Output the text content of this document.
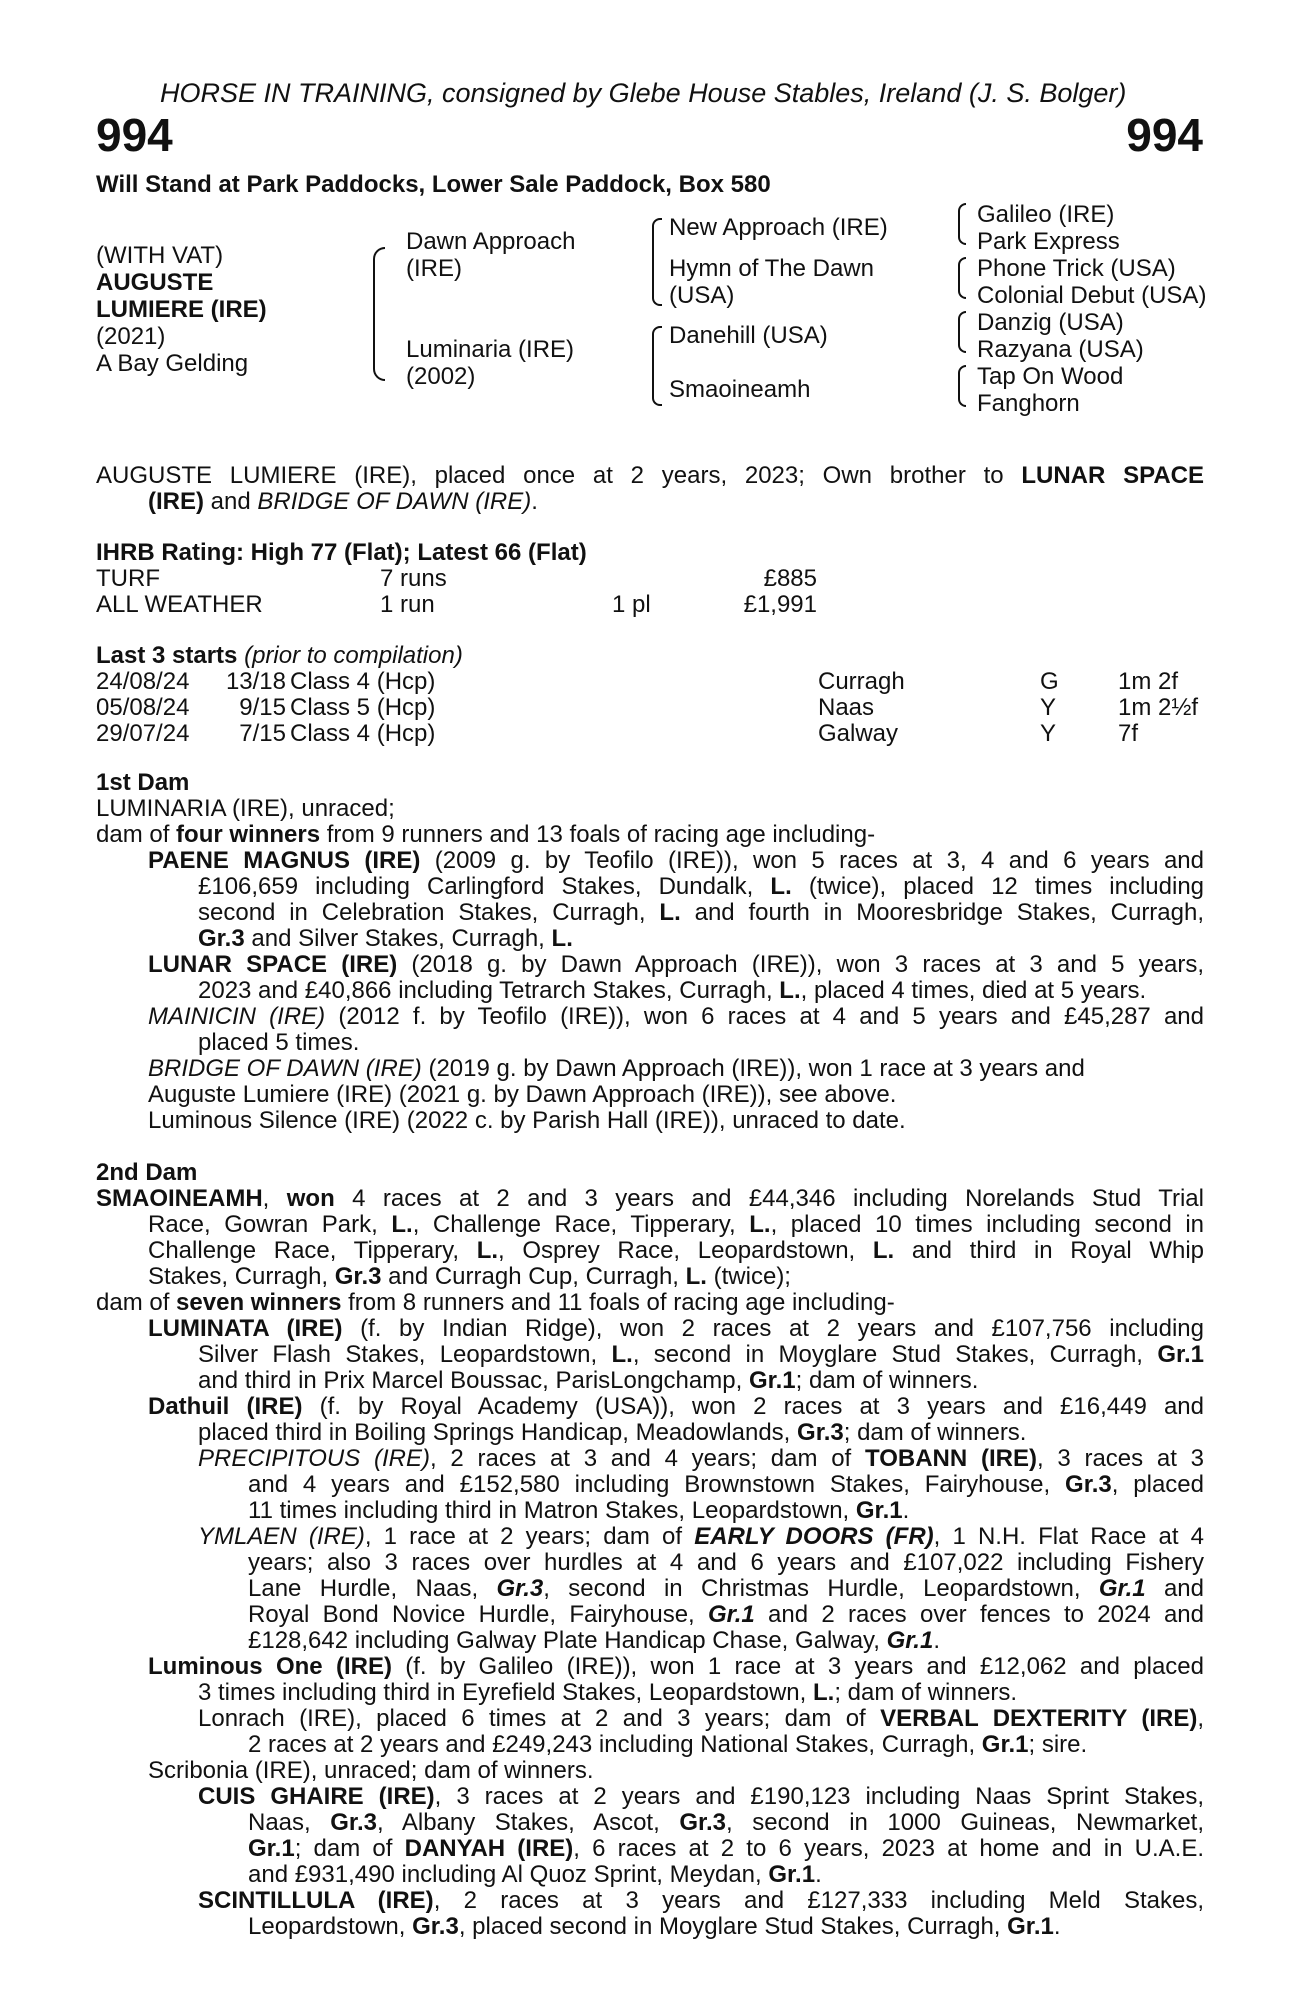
HORSE IN TRAINING, consigned by Glebe House Stables, Ireland (J. S. Bolger)
994	994
Will Stand at Park Paddocks, Lower Sale Paddock, Box 580
(WITH VAT)
AUGUSTE
LUMIERE (IRE)
(2021)
A Bay Gelding
Dawn Approach
(IRE)
Luminaria (IRE)
(2002)
New Approach (IRE)
Hymn of The Dawn
(USA)
Danehill (USA)
Smaoineamh
Galileo (IRE)
Park Express
Phone Trick (USA)
Colonial Debut (USA)
Danzig (USA)
Razyana (USA)
Tap On Wood
Fanghorn
AUGUSTE LUMIERE (IRE), placed once at 2 years, 2023; Own brother to LUNAR SPACE
(IRE) and BRIDGE OF DAWN (IRE).
IHRB Rating: High 77 (Flat); Latest 66 (Flat)
TURF	7 runs	£885
ALL WEATHER	1 run	1 pl	£1,991
Last 3 starts (prior to compilation)
24/08/24	13/18 Class 4 (Hcp)	Curragh	G 1m 2f
05/08/24	9/15 Class 5 (Hcp)	Naas	Y	1m 2½f
29/07/24	7/15 Class 4 (Hcp)	Galway	Y	7f
1st Dam
LUMINARIA (IRE), unraced;
dam of four winners from 9 runners and 13 foals of racing age including-
PAENE MAGNUS (IRE) (2009 g. by Teofilo (IRE)), won 5 races at 3, 4 and 6 years and
£106,659 including Carlingford Stakes, Dundalk, L. (twice), placed 12 times including
second in Celebration Stakes, Curragh, L. and fourth in Mooresbridge Stakes, Curragh,
Gr.3 and Silver Stakes, Curragh, L.
LUNAR SPACE (IRE) (2018 g. by Dawn Approach (IRE)), won 3 races at 3 and 5 years,
2023 and £40,866 including Tetrarch Stakes, Curragh, L., placed 4 times, died at 5 years.
MAINICIN (IRE) (2012 f. by Teofilo (IRE)), won 6 races at 4 and 5 years and £45,287 and
placed 5 times.
BRIDGE OF DAWN (IRE) (2019 g. by Dawn Approach (IRE)), won 1 race at 3 years and
Auguste Lumiere (IRE) (2021 g. by Dawn Approach (IRE)), see above.
Luminous Silence (IRE) (2022 c. by Parish Hall (IRE)), unraced to date.
2nd Dam
SMAOINEAMH, won 4 races at 2 and 3 years and £44,346 including Norelands Stud Trial
Race, Gowran Park, L., Challenge Race, Tipperary, L., placed 10 times including second in
Challenge Race, Tipperary, L., Osprey Race, Leopardstown, L. and third in Royal Whip
Stakes, Curragh, Gr.3 and Curragh Cup, Curragh, L. (twice);
dam of seven winners from 8 runners and 11 foals of racing age including-
LUMINATA (IRE) (f. by Indian Ridge), won 2 races at 2 years and £107,756 including
Silver Flash Stakes, Leopardstown, L., second in Moyglare Stud Stakes, Curragh, Gr.1
and third in Prix Marcel Boussac, ParisLongchamp, Gr.1; dam of winners.
Dathuil (IRE) (f. by Royal Academy (USA)), won 2 races at 3 years and £16,449 and
placed third in Boiling Springs Handicap, Meadowlands, Gr.3; dam of winners.
PRECIPITOUS (IRE), 2 races at 3 and 4 years; dam of TOBANN (IRE), 3 races at 3
and 4 years and £152,580 including Brownstown Stakes, Fairyhouse, Gr.3, placed
11 times including third in Matron Stakes, Leopardstown, Gr.1.
YMLAEN (IRE), 1 race at 2 years; dam of EARLY DOORS (FR), 1 N.H. Flat Race at 4
years; also 3 races over hurdles at 4 and 6 years and £107,022 including Fishery
Lane Hurdle, Naas, Gr.3, second in Christmas Hurdle, Leopardstown, Gr.1 and
Royal Bond Novice Hurdle, Fairyhouse, Gr.1 and 2 races over fences to 2024 and
£128,642 including Galway Plate Handicap Chase, Galway, Gr.1.
Luminous One (IRE) (f. by Galileo (IRE)), won 1 race at 3 years and £12,062 and placed
3 times including third in Eyrefield Stakes, Leopardstown, L.; dam of winners.
Lonrach (IRE), placed 6 times at 2 and 3 years; dam of VERBAL DEXTERITY (IRE),
2 races at 2 years and £249,243 including National Stakes, Curragh, Gr.1; sire.
Scribonia (IRE), unraced; dam of winners.
CUIS GHAIRE (IRE), 3 races at 2 years and £190,123 including Naas Sprint Stakes,
Naas, Gr.3, Albany Stakes, Ascot, Gr.3, second in 1000 Guineas, Newmarket,
Gr.1; dam of DANYAH (IRE), 6 races at 2 to 6 years, 2023 at home and in U.A.E.
and £931,490 including Al Quoz Sprint, Meydan, Gr.1.
SCINTILLULA (IRE), 2 races at 3 years and £127,333 including Meld Stakes,
Leopardstown, Gr.3, placed second in Moyglare Stud Stakes, Curragh, Gr.1.
